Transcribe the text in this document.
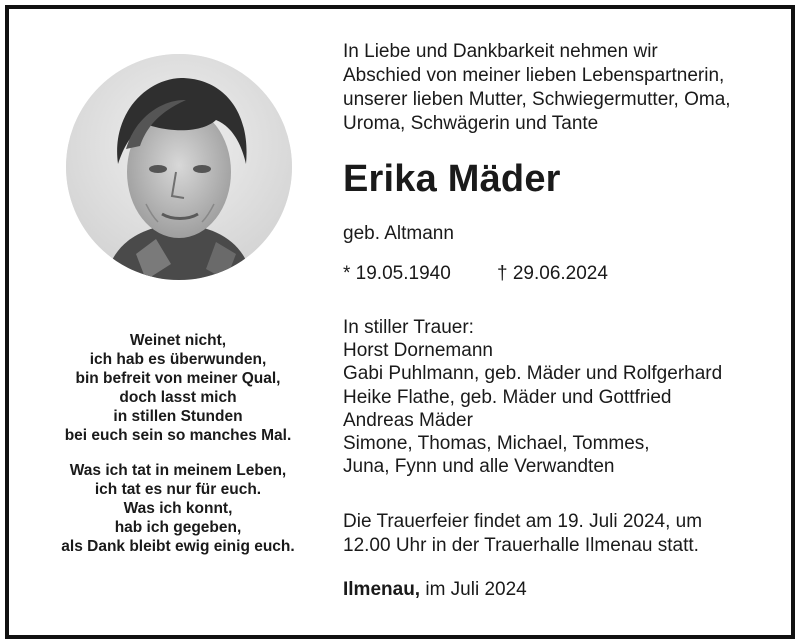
Weinet nicht,
ich hab es überwunden,
bin befreit von meiner Qual,
doch lasst mich
in stillen Stunden
bei euch sein so manches Mal.
Was ich tat in meinem Leben,
ich tat es nur für euch.
Was ich konnt,
hab ich gegeben,
als Dank bleibt ewig einig euch.
In Liebe und Dankbarkeit nehmen wir
Abschied von meiner lieben Lebenspartnerin,
unserer lieben Mutter, Schwiegermutter, Oma,
Uroma, Schwägerin und Tante
Erika Mäder
geb. Altmann
* 19.05.1940 † 29.06.2024
In stiller Trauer:
Horst Dornemann
Gabi Puhlmann, geb. Mäder und Rolfgerhard
Heike Flathe, geb. Mäder und Gottfried
Andreas Mäder
Simone, Thomas, Michael, Tommes,
Juna, Fynn und alle Verwandten
Die Trauerfeier findet am 19. Juli 2024, um
12.00 Uhr in der Trauerhalle Ilmenau statt.
Ilmenau, im Juli 2024
